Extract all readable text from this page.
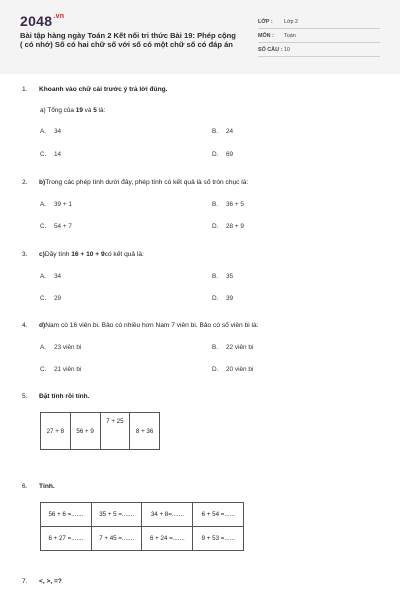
$2048^{.vn}$
Bài tập hàng ngày Toán 2 Kết nối tri thức Bài 19: Phép cộng ( có nhớ) Số có hai chữ số với số có một chữ số có đáp án
LỚP : Lớp 2
MÔN : Toán
SỐ CÂU : 10
1. Khoanh vào chữ cái trước ý trả lời đúng.
a) Tổng của 19 và 5 là:
A. 34	B. 24
C. 14	D. 69
2. b)Trong các phép tính dưới đây, phép tính có kết quả là số tròn chục là:
A. 39 + 1	B. 36 + 5
C. 54 + 7	D. 28 + 9
3. c)Dãy tính 16 + 10 + 9có kết quả là:
A. 34	B. 35
C. 29	D. 39
4. d)Nam có 16 viên bi. Bảo có nhiều hơn Nam 7 viên bi. Bảo có số viên bi là:
A. 23 viên bi	B. 22 viên bi
C. 21 viên bi	D. 20 viên bi
5. Đặt tính rồi tính.
27 + 8	56 + 9	7 + 25	8 + 36
6. Tính.
56 + 6 =.......	35 + 5 =.......	34 + 8=.......	6 + 54 =......
6 + 27 =.......	7 + 45 =.......	6 + 24 =.......	9 + 53 =......
7. <, >, =?
